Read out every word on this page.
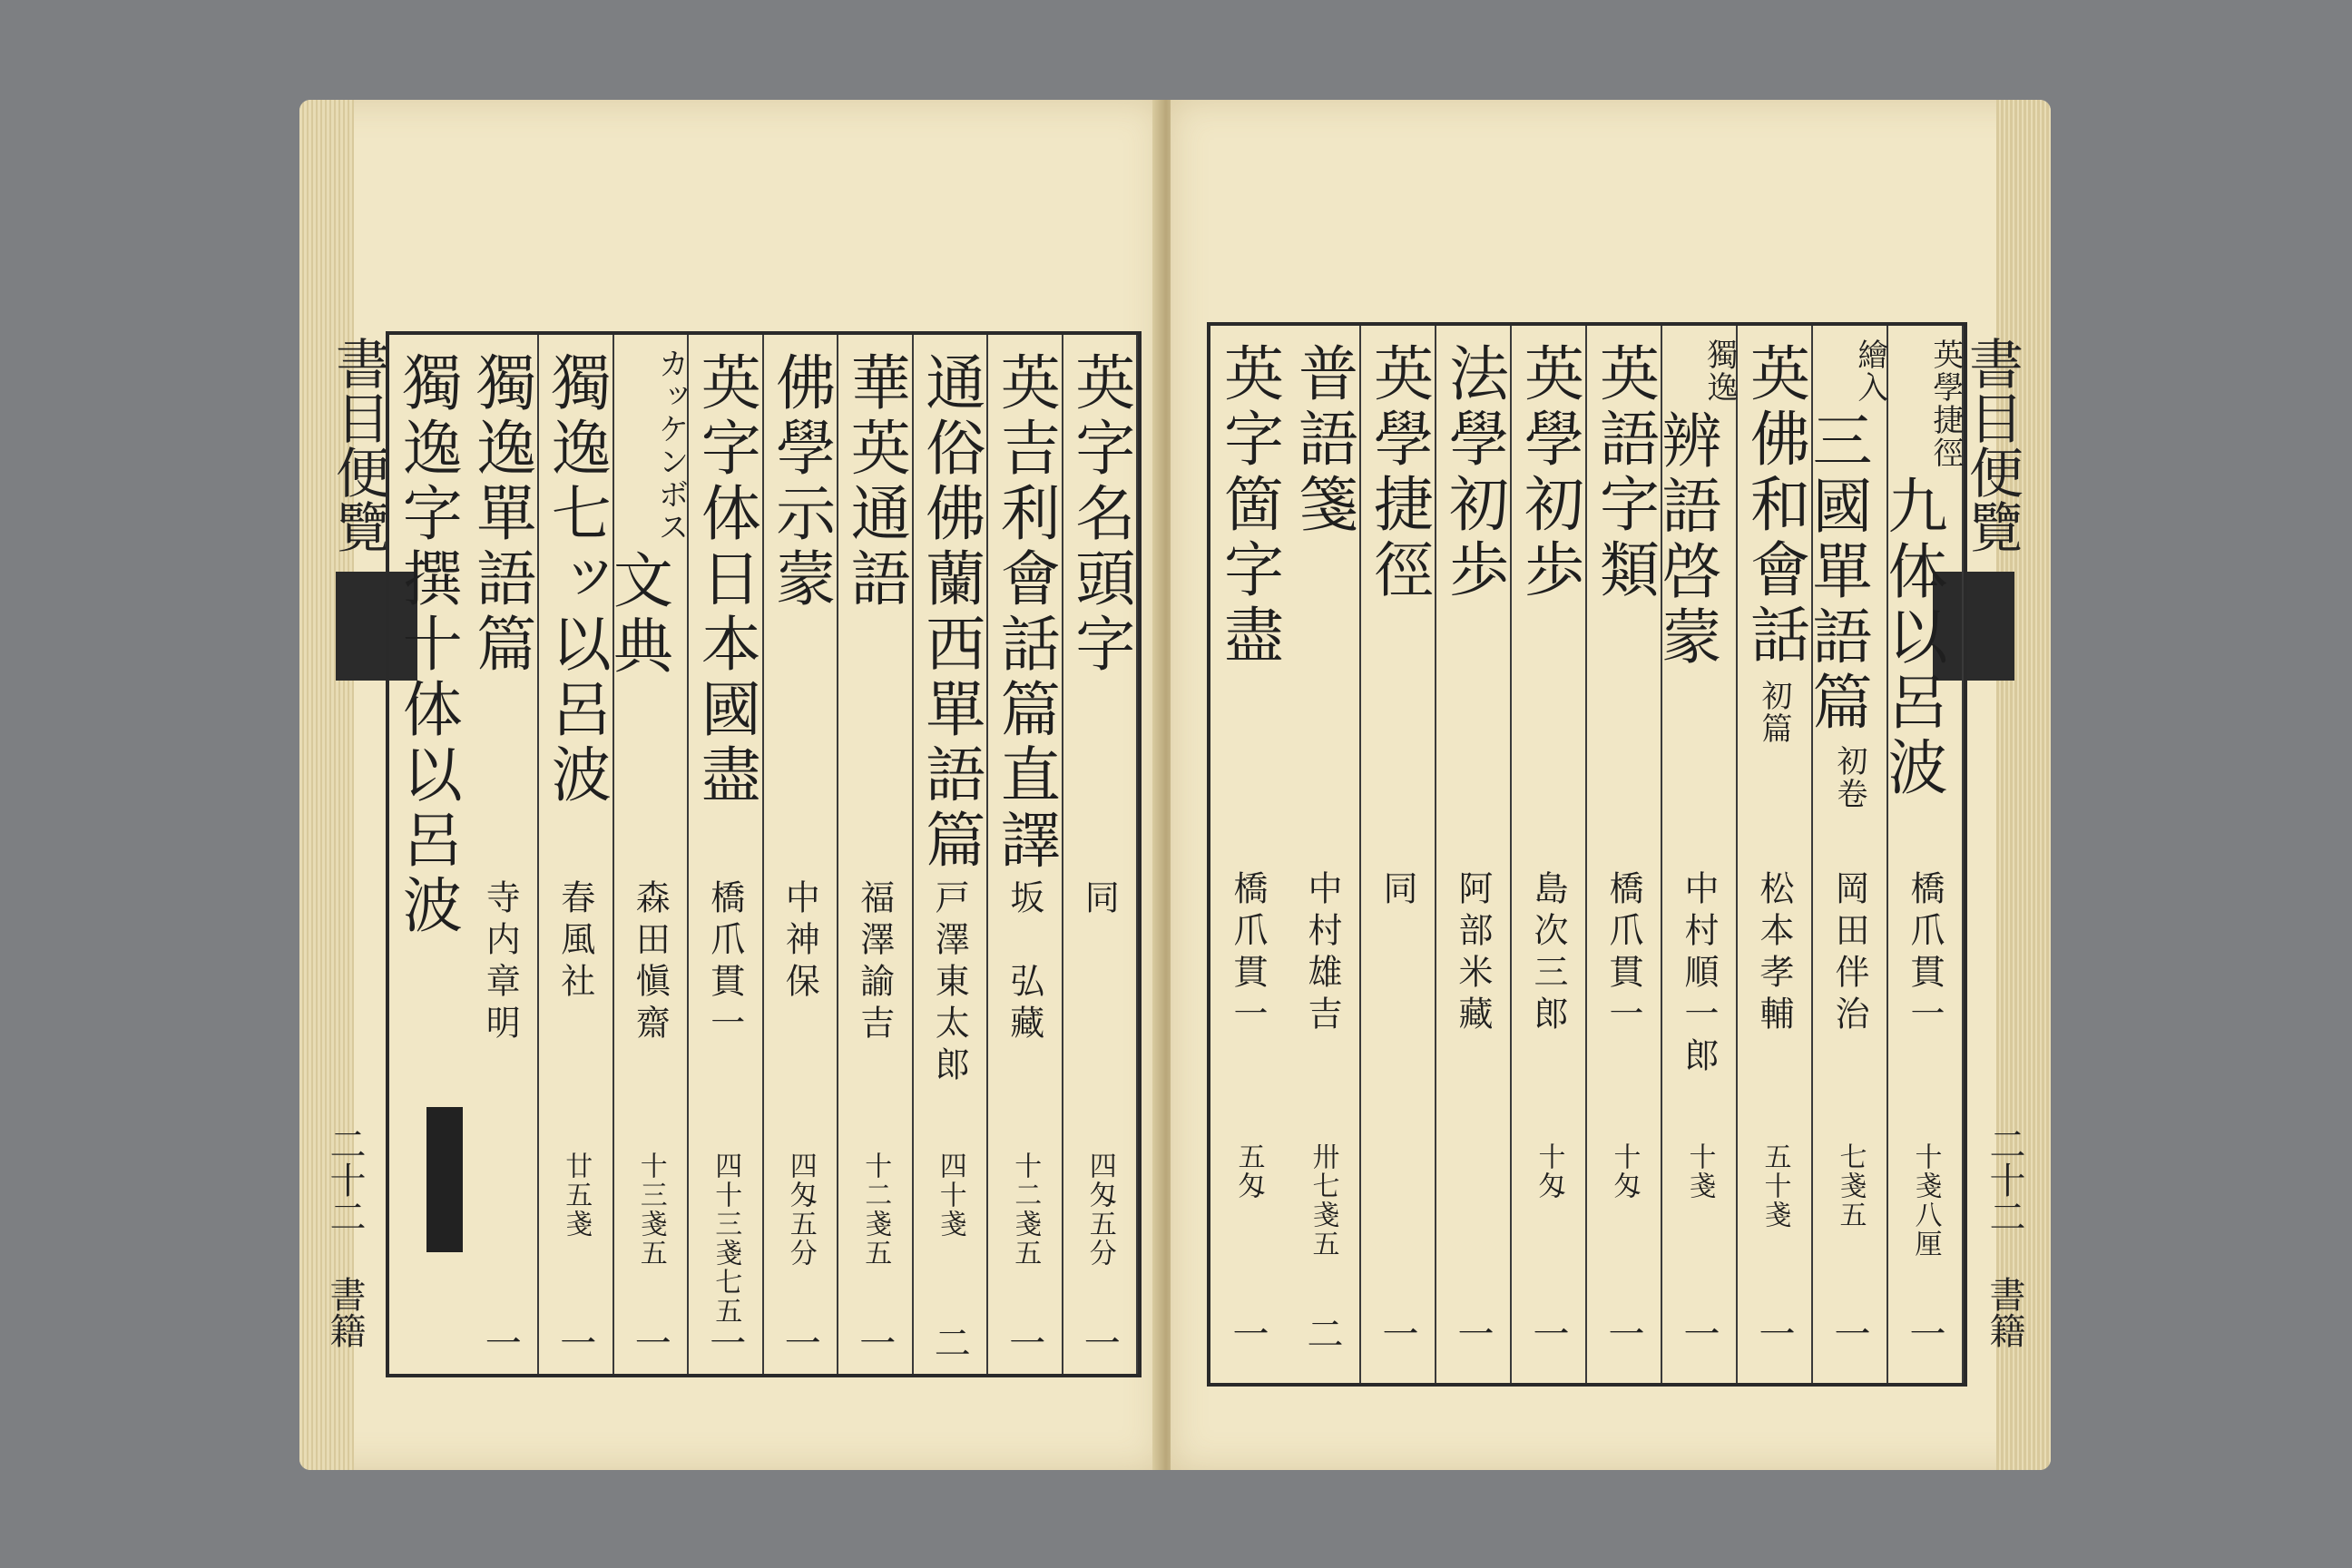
書目便覽
二十二 書籍
英字名頭字
同
四匁五分
一
英吉利會話篇直譯
坂　弘藏
十二戔五
一
通俗佛蘭西單語篇
戸澤東太郎
四十戔
二
華英通語
福澤諭吉
十二戔五
一
佛學示蒙
中神保
四匁五分
一
英字体日本國盡
橋爪貫一
四十三戔七五
一
カッケンボス
文典
森田愼齋
十三戔五
一
獨逸七ッ以呂波
春風社
廿五戔
一
獨逸單語篇
寺内章明
一
獨逸字撰十体以呂波	書目便覽
二十二 書籍
英學捷徑
九体以呂波
橋爪貫一
十戔八厘
一
繪入
三國單語篇
初卷
岡田伴治
七戔五
一
英佛和會話
初篇
松本孝輔
五十戔
一
獨逸
辨語啓蒙
中村順一郎
十戔
一
英語字類
橋爪貫一
十匁
一
英學初歩
島次三郎
十匁
一
法學初歩
阿部米藏
一
英學捷徑
同
一
普語箋
中村雄吉
卅七戔五
二
英字箇字盡
橋爪貫一
五匁
一
